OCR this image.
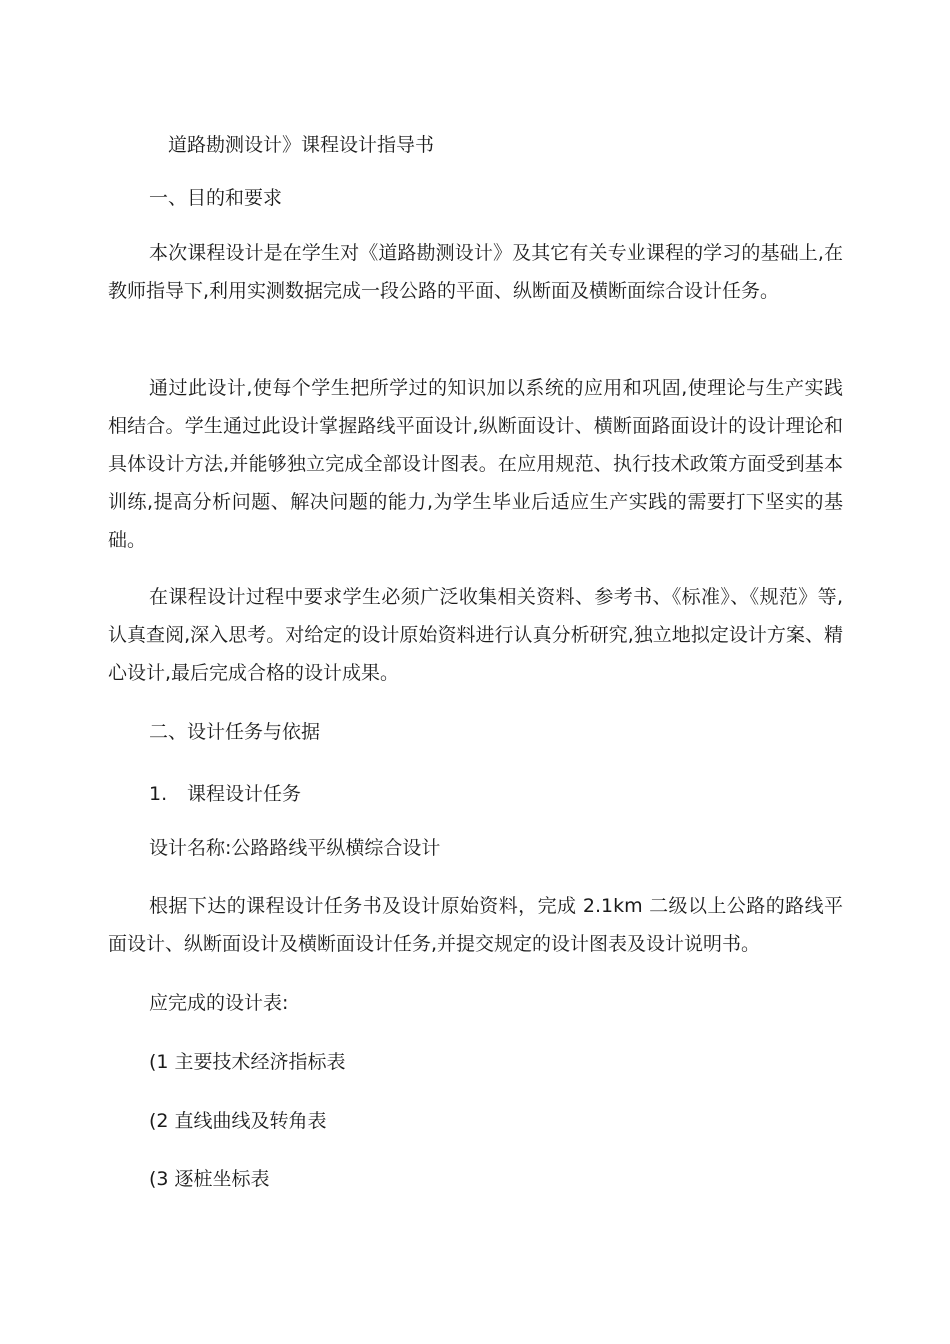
道路勘测设计》课程设计指导书
一、目的和要求
本次课程设计是在学生对《道路勘测设计》及其它有关专业课程的学习的基础上,在教师指导下,利用实测数据完成一段公路的平面、纵断面及横断面综合设计任务。
通过此设计,使每个学生把所学过的知识加以系统的应用和巩固,使理论与生产实践相结合。学生通过此设计掌握路线平面设计,纵断面设计、横断面路面设计的设计理论和具体设计方法,并能够独立完成全部设计图表。在应用规范、执行技术政策方面受到基本训练,提高分析问题、解决问题的能力,为学生毕业后适应生产实践的需要打下坚实的基础。
在课程设计过程中要求学生必须广泛收集相关资料、参考书、《标准》、《规范》等,认真查阅,深入思考。对给定的设计原始资料进行认真分析研究,独立地拟定设计方案、精心设计,最后完成合格的设计成果。
二、设计任务与依据
1. 课程设计任务
设计名称:公路路线平纵横综合设计
根据下达的课程设计任务书及设计原始资料，完成 2.1km 二级以上公路的路线平面设计、纵断面设计及横断面设计任务,并提交规定的设计图表及设计说明书。
应完成的设计表:
(1 主要技术经济指标表
(2 直线曲线及转角表
(3 逐桩坐标表
